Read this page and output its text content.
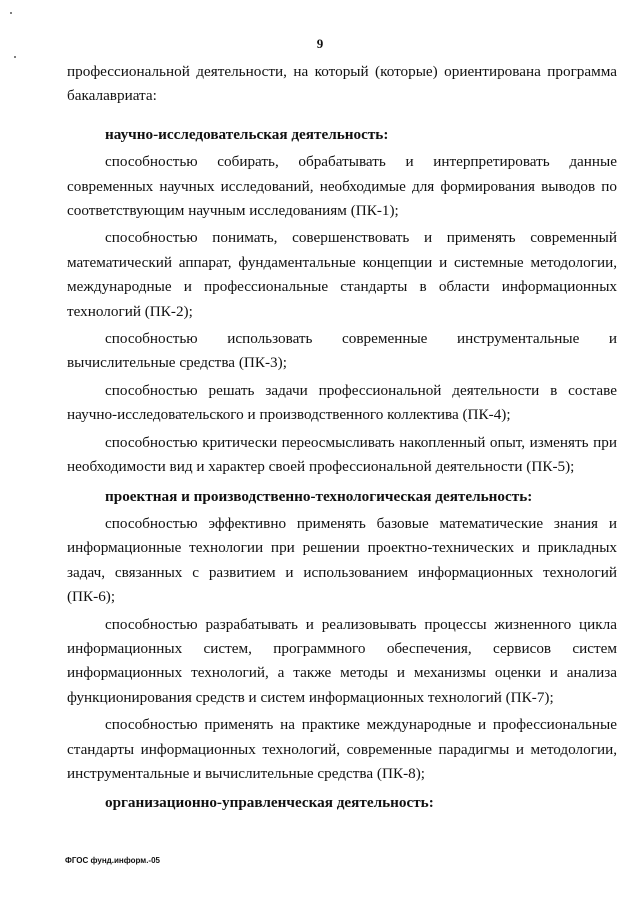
9

профессиональной деятельности, на который (которые) ориентирована программа бакалавриата:

научно-исследовательская деятельность:

способностью собирать, обрабатывать и интерпретировать данные современных научных исследований, необходимые для формирования выводов по соответствующим научным исследованиям (ПК-1);

способностью понимать, совершенствовать и применять современный математический аппарат, фундаментальные концепции и системные методологии, международные и профессиональные стандарты в области информационных технологий (ПК-2);

способностью использовать современные инструментальные и вычислительные средства (ПК-3);

способностью решать задачи профессиональной деятельности в составе научно-исследовательского и производственного коллектива (ПК-4);

способностью критически переосмысливать накопленный опыт, изменять при необходимости вид и характер своей профессиональной деятельности (ПК-5);

проектная и производственно-технологическая деятельность:

способностью эффективно применять базовые математические знания и информационные технологии при решении проектно-технических и прикладных задач, связанных с развитием и использованием информационных технологий (ПК-6);

способностью разрабатывать и реализовывать процессы жизненного цикла информационных систем, программного обеспечения, сервисов систем информационных технологий, а также методы и механизмы оценки и анализа функционирования средств и систем информационных технологий (ПК-7);

способностью применять на практике международные и профессиональные стандарты информационных технологий, современные парадигмы и методологии, инструментальные и вычислительные средства (ПК-8);

организационно-управленческая деятельность:
ФГОС фунд.информ.-05
